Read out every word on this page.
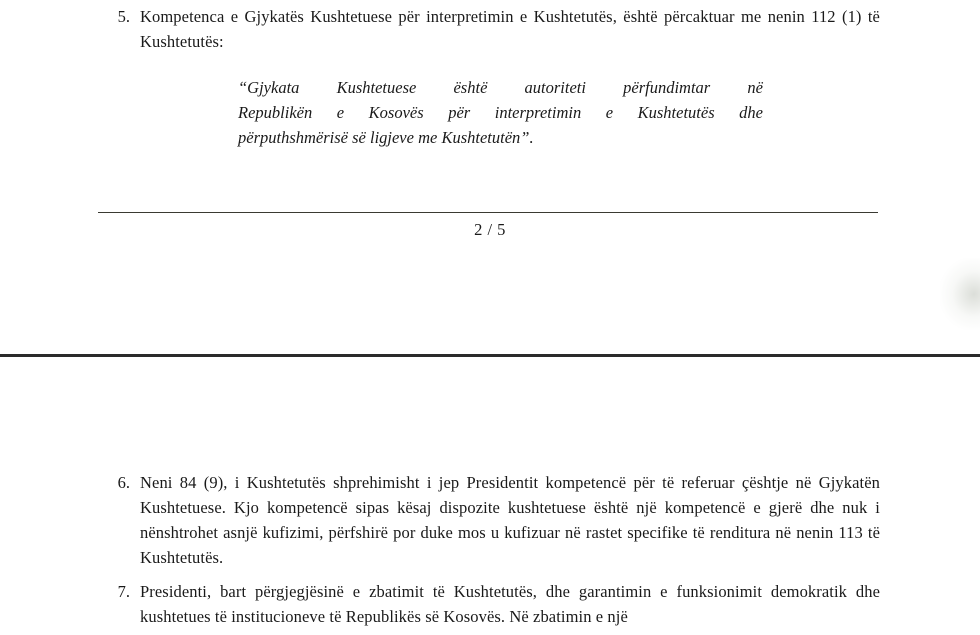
5. Kompetenca e Gjykatës Kushtetuese për interpretimin e Kushtetutës, është përcaktuar me nenin 112 (1) të Kushtetutës:
“Gjykata Kushtetuese është autoriteti përfundimtar në
Republikën e Kosovës për interpretimin e Kushtetutës dhe
përputhshmërisë së ligjeve me Kushtetutën”.
2 / 5
6. Neni 84 (9), i Kushtetutës shprehimisht i jep Presidentit kompetencë për të referuar çështje në Gjykatën Kushtetuese. Kjo kompetencë sipas kësaj dispozite kushtetuese është një kompetencë e gjerë dhe nuk i nënshtrohet asnjë kufizimi, përfshirë por duke mos u kufizuar në rastet specifike të renditura në nenin 113 të Kushtetutës.
7. Presidenti, bart përgjegjësinë e zbatimit të Kushtetutës, dhe garantimin e funksionimit demokratik dhe kushtetues të institucioneve të Republikës së Kosovës. Në zbatimin e një
